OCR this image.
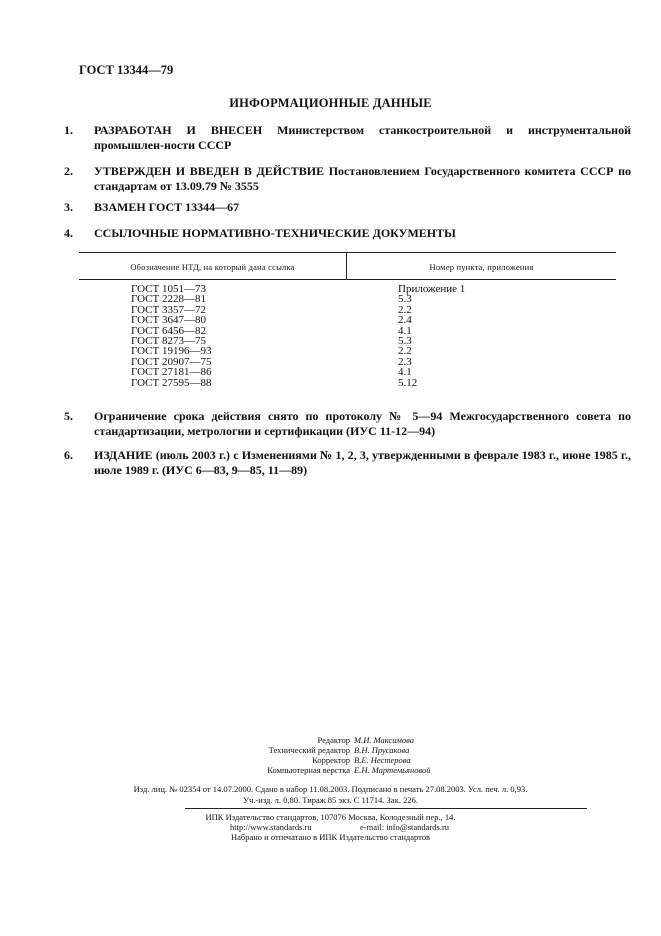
ГОСТ 13344—79
ИНФОРМАЦИОННЫЕ ДАННЫЕ
1. РАЗРАБОТАН И ВНЕСЕН Министерством станкостроительной и инструментальной промышлен-ности СССР
2. УТВЕРЖДЕН И ВВЕДЕН В ДЕЙСТВИЕ Постановлением Государственного комитета СССР по стандартам от 13.09.79 № 3555
3. ВЗАМЕН ГОСТ 13344—67
4. ССЫЛОЧНЫЕ НОРМАТИВНО-ТЕХНИЧЕСКИЕ ДОКУМЕНТЫ
Обозначение НТД, на который дана ссылка	Номер пункта, приложения
ГОСТ 1051—73
ГОСТ 2228—81
ГОСТ 3357—72
ГОСТ 3647—80
ГОСТ 6456—82
ГОСТ 8273—75
ГОСТ 19196—93
ГОСТ 20907—75
ГОСТ 27181—86
ГОСТ 27595—88
Приложение 1
5.3
2.2
2.4
4.1
5.3
2.2
2.3
4.1
5.12
5. Ограничение срока действия снято по протоколу № 5—94 Межгосударственного совета по стандартизации, метрологии и сертификации (ИУС 11-12—94)
6. ИЗДАНИЕ (июль 2003 г.) с Изменениями № 1, 2, 3, утвержденными в феврале 1983 г., июне 1985 г., июле 1989 г. (ИУС 6—83, 9—85, 11—89)
Редактор
Технический редактор
Корректор
Компьютерная верстка
М.И. Максимова
В.Н. Прусакова
В.Е. Нестерова
Е.Н. Мартемьяновой
Изд. лиц. № 02354 от 14.07.2000. Сдано в набор 11.08.2003. Подписано в печать 27.08.2003. Усл. печ. л. 0,93.
Уч.-изд. л. 0,80. Тираж 85 экз. С 11714. Зак. 226.
ИПК Издательство стандартов, 107076 Москва, Колодезный пер., 14.
http://www.standards.ru	e-mail: info@standards.ru
Набрано и отпечатано в ИПК Издательство стандартов
